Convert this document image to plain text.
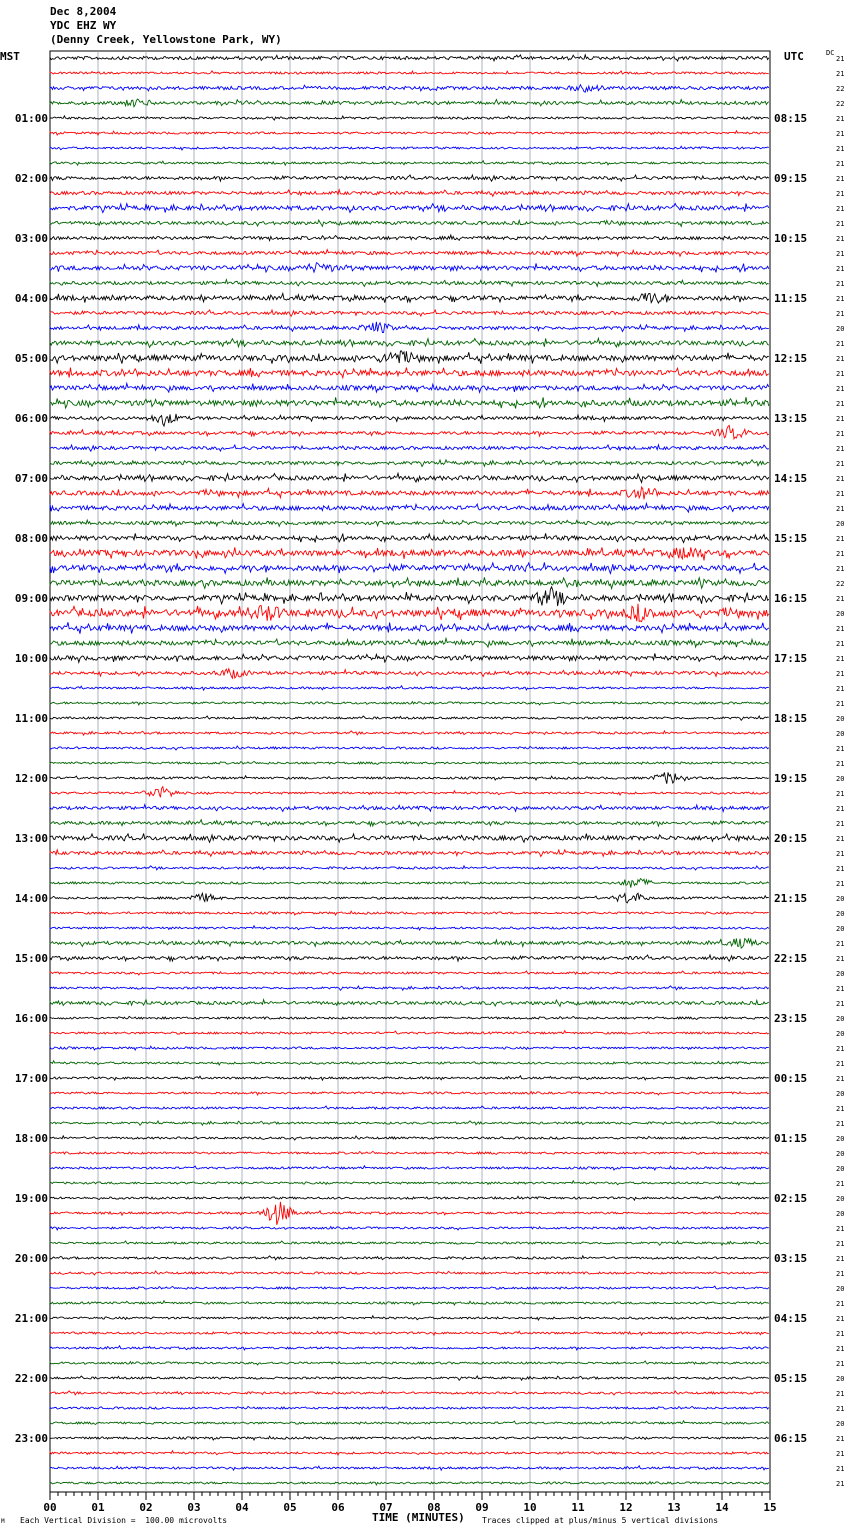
Dec 8,2004
YDC EHZ WY
(Denny Creek, Yellowstone Park, WY)
MST	UTC	DC
21
21
22
22
21
21
21
21
21
21
21
21
21
21
21
21
21
21
20
21
21
21
21
21
21
21
21
21
21
21
21
20
21
21
21
22
21
20
21
21
21
21
21
21
20
20
21
21
20
21
21
21
21
21
21
21
20
20
20
21
21
20
21
21
20
20
21
21
21
20
21
21
20
20
20
21
20
20
21
21
21
21
20
21
21
21
21
21
20
21
21
20
21
21
21
21
01:00
02:00
03:00
04:00
05:00
06:00
07:00
08:00
09:00
10:00
11:00
12:00
13:00
14:00
15:00
16:00
17:00
18:00
19:00
20:00
21:00
22:00
23:00
08:15
09:15
10:15
11:15
12:15
13:15
14:15
15:15
16:15
17:15
18:15
19:15
20:15
21:15
22:15
23:15
00:15
01:15
02:15
03:15
04:15
05:15
06:15
00	01	02	03	04	05	06	07	08	09	10	11	12	13	14	15
TIME (MINUTES)
Each Vertical Division =  100.00 microvolts	Traces clipped at plus/minus 5 vertical divisions
M
